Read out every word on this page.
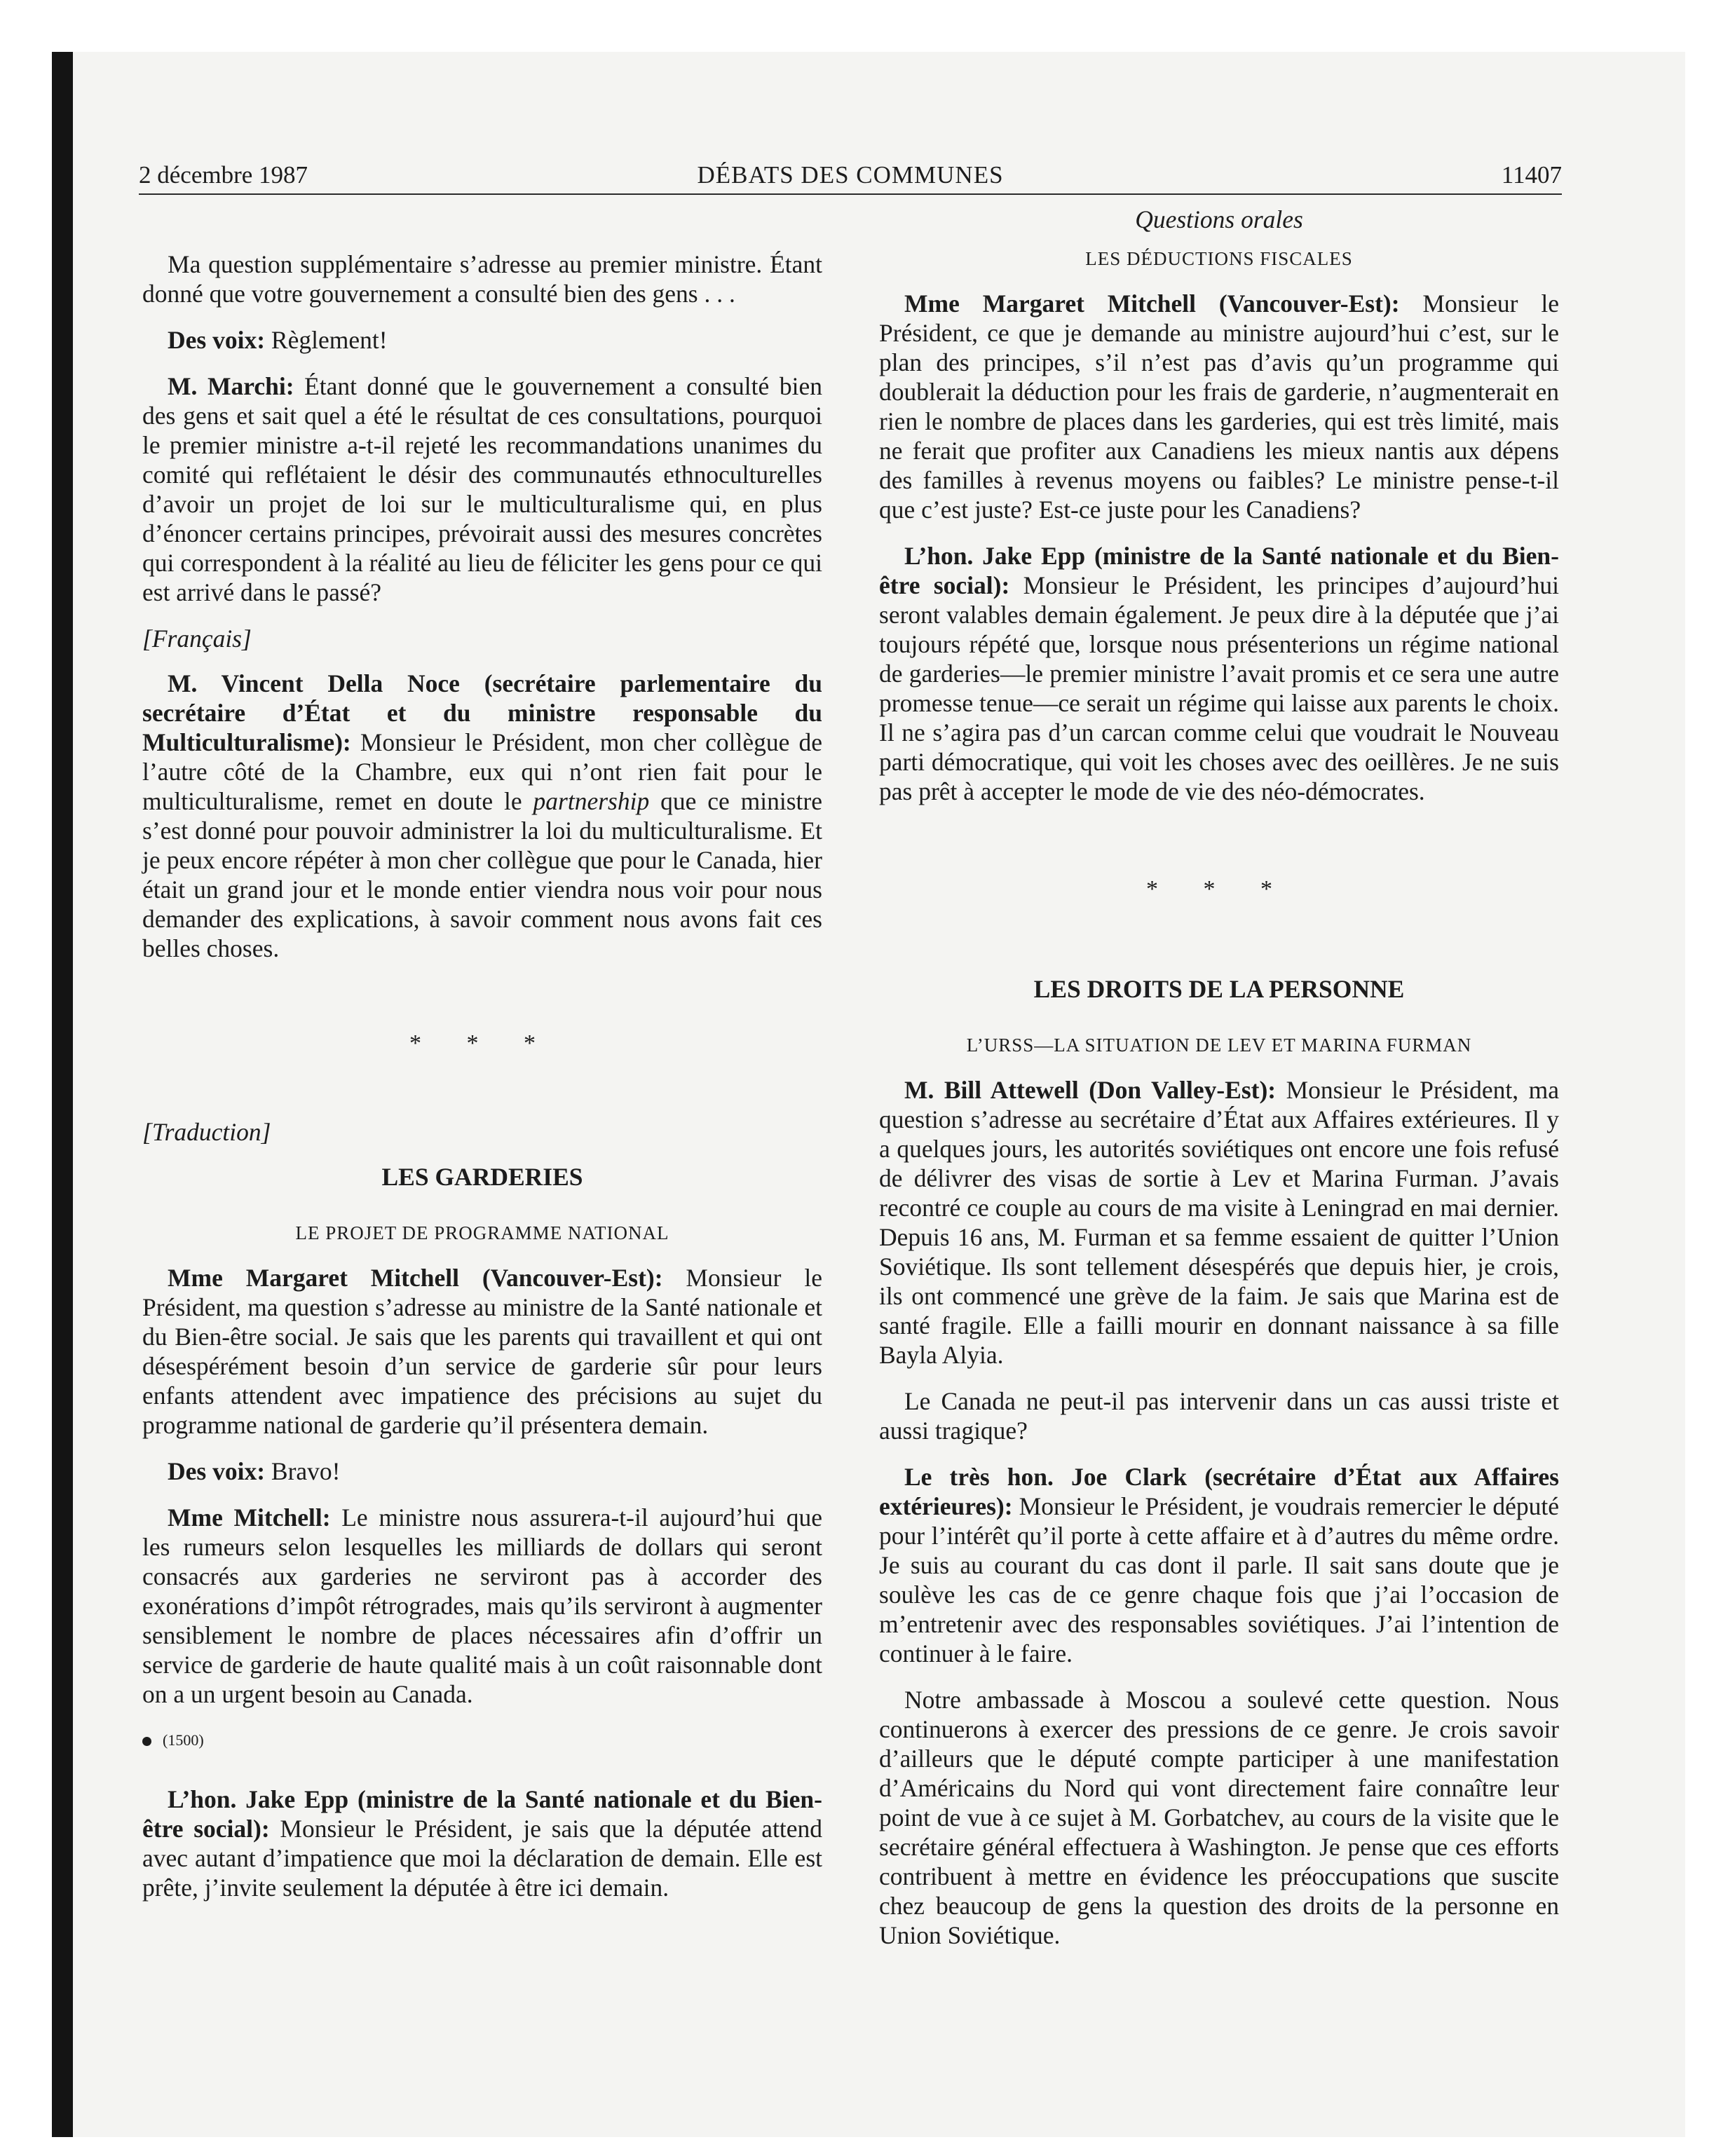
2 décembre 1987	DÉBATS DES COMMUNES	11407

Ma question supplémentaire s’adresse au premier ministre. Étant donné que votre gouvernement a consulté bien des gens . . .

Des voix: Règlement!

M. Marchi: Étant donné que le gouvernement a consulté bien des gens et sait quel a été le résultat de ces consultations, pourquoi le premier ministre a-t-il rejeté les recommandations unanimes du comité qui reflétaient le désir des communautés ethnoculturelles d’avoir un projet de loi sur le multiculturalisme qui, en plus d’énoncer certains principes, prévoirait aussi des mesures concrètes qui correspondent à la réalité au lieu de féliciter les gens pour ce qui est arrivé dans le passé?

[Français]

M. Vincent Della Noce (secrétaire parlementaire du secrétaire d’État et du ministre responsable du Multiculturalisme): Monsieur le Président, mon cher collègue de l’autre côté de la Chambre, eux qui n’ont rien fait pour le multiculturalisme, remet en doute le partnership que ce ministre s’est donné pour pouvoir administrer la loi du multiculturalisme. Et je peux encore répéter à mon cher collègue que pour le Canada, hier était un grand jour et le monde entier viendra nous voir pour nous demander des explications, à savoir comment nous avons fait ces belles choses.

* * *
[Traduction]
LES GARDERIES
LE PROJET DE PROGRAMME NATIONAL

Mme Margaret Mitchell (Vancouver-Est): Monsieur le Président, ma question s’adresse au ministre de la Santé nationale et du Bien-être social. Je sais que les parents qui travaillent et qui ont désespérément besoin d’un service de garderie sûr pour leurs enfants attendent avec impatience des précisions au sujet du programme national de garderie qu’il présentera demain.

Des voix: Bravo!

Mme Mitchell: Le ministre nous assurera-t-il aujourd’hui que les rumeurs selon lesquelles les milliards de dollars qui seront consacrés aux garderies ne serviront pas à accorder des exonérations d’impôt rétrogrades, mais qu’ils serviront à augmenter sensiblement le nombre de places nécessaires afin d’offrir un service de garderie de haute qualité mais à un coût raisonnable dont on a un urgent besoin au Canada.

(1500)

L’hon. Jake Epp (ministre de la Santé nationale et du Bien-être social): Monsieur le Président, je sais que la députée attend avec autant d’impatience que moi la déclaration de demain. Elle est prête, j’invite seulement la députée à être ici demain.

Questions orales
LES DÉDUCTIONS FISCALES

Mme Margaret Mitchell (Vancouver-Est): Monsieur le Président, ce que je demande au ministre aujourd’hui c’est, sur le plan des principes, s’il n’est pas d’avis qu’un programme qui doublerait la déduction pour les frais de garderie, n’augmenterait en rien le nombre de places dans les garderies, qui est très limité, mais ne ferait que profiter aux Canadiens les mieux nantis aux dépens des familles à revenus moyens ou faibles? Le ministre pense-t-il que c’est juste? Est-ce juste pour les Canadiens?

L’hon. Jake Epp (ministre de la Santé nationale et du Bien-être social): Monsieur le Président, les principes d’aujourd’hui seront valables demain également. Je peux dire à la députée que j’ai toujours répété que, lorsque nous présenterions un régime national de garderies—le premier ministre l’avait promis et ce sera une autre promesse tenue—ce serait un régime qui laisse aux parents le choix. Il ne s’agira pas d’un carcan comme celui que voudrait le Nouveau parti démocratique, qui voit les choses avec des oeillères. Je ne suis pas prêt à accepter le mode de vie des néo-démocrates.

* * *
LES DROITS DE LA PERSONNE
L’URSS—LA SITUATION DE LEV ET MARINA FURMAN

M. Bill Attewell (Don Valley-Est): Monsieur le Président, ma question s’adresse au secrétaire d’État aux Affaires extérieures. Il y a quelques jours, les autorités soviétiques ont encore une fois refusé de délivrer des visas de sortie à Lev et Marina Furman. J’avais recontré ce couple au cours de ma visite à Leningrad en mai dernier. Depuis 16 ans, M. Furman et sa femme essaient de quitter l’Union Soviétique. Ils sont tellement désespérés que depuis hier, je crois, ils ont commencé une grève de la faim. Je sais que Marina est de santé fragile. Elle a failli mourir en donnant naissance à sa fille Bayla Alyia.

Le Canada ne peut-il pas intervenir dans un cas aussi triste et aussi tragique?

Le très hon. Joe Clark (secrétaire d’État aux Affaires extérieures): Monsieur le Président, je voudrais remercier le député pour l’intérêt qu’il porte à cette affaire et à d’autres du même ordre. Je suis au courant du cas dont il parle. Il sait sans doute que je soulève les cas de ce genre chaque fois que j’ai l’occasion de m’entretenir avec des responsables soviétiques. J’ai l’intention de continuer à le faire.

Notre ambassade à Moscou a soulevé cette question. Nous continuerons à exercer des pressions de ce genre. Je crois savoir d’ailleurs que le député compte participer à une manifestation d’Américains du Nord qui vont directement faire connaître leur point de vue à ce sujet à M. Gorbatchev, au cours de la visite que le secrétaire général effectuera à Washington. Je pense que ces efforts contribuent à mettre en évidence les préoccupations que suscite chez beaucoup de gens la question des droits de la personne en Union Soviétique.
